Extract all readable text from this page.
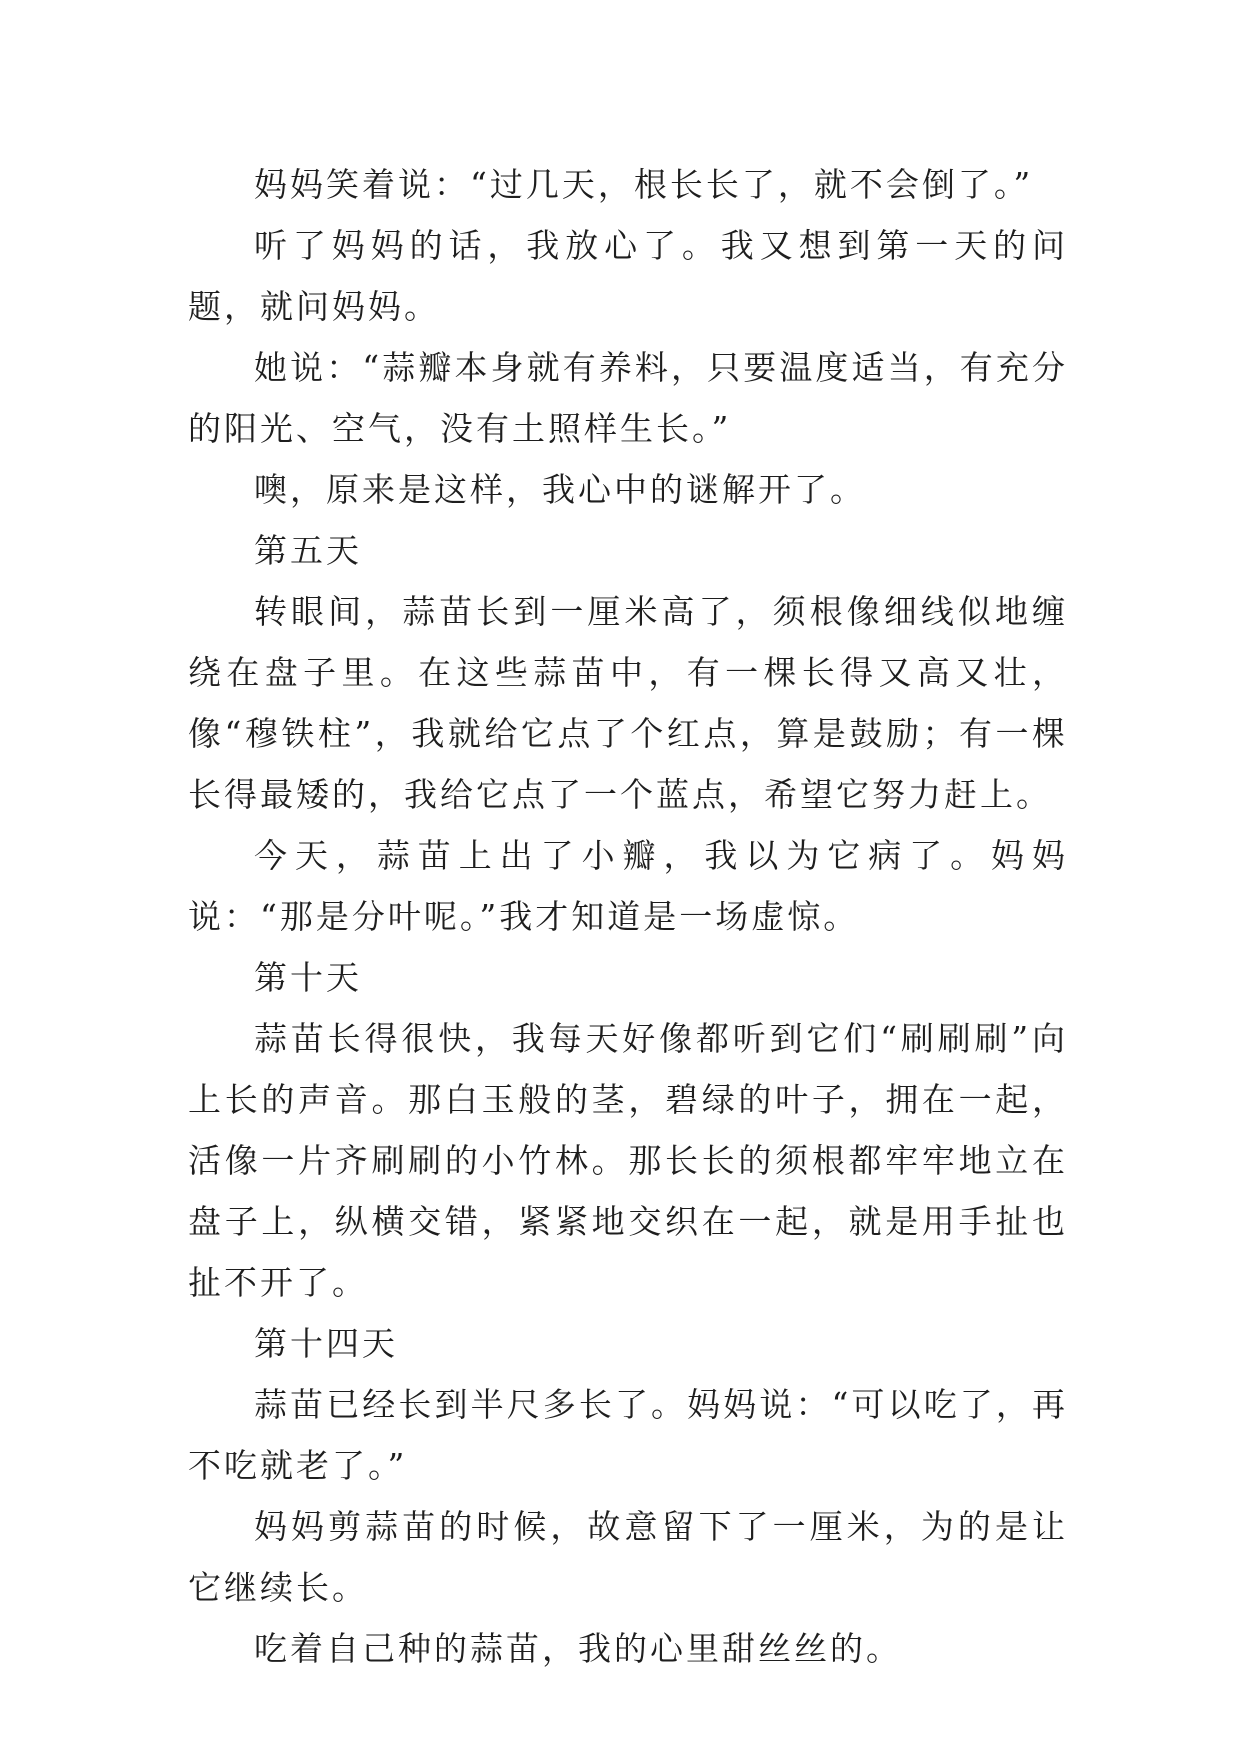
妈妈笑着说：“过几天，根长长了，就不会倒了。”

听了妈妈的话，我放心了。我又想到第一天的问题，就问妈妈。

她说：“蒜瓣本身就有养料，只要温度适当，有充分的阳光、空气，没有土照样生长。”

噢，原来是这样，我心中的谜解开了。

第五天

转眼间，蒜苗长到一厘米高了，须根像细线似地缠绕在盘子里。在这些蒜苗中，有一棵长得又高又壮，像“穆铁柱”，我就给它点了个红点，算是鼓励；有一棵长得最矮的，我给它点了一个蓝点，希望它努力赶上。

今天，蒜苗上出了小瓣，我以为它病了。妈妈说：“那是分叶呢。”我才知道是一场虚惊。

第十天

蒜苗长得很快，我每天好像都听到它们“刷刷刷”向上长的声音。那白玉般的茎，碧绿的叶子，拥在一起，活像一片齐刷刷的小竹林。那长长的须根都牢牢地立在盘子上，纵横交错，紧紧地交织在一起，就是用手扯也扯不开了。

第十四天

蒜苗已经长到半尺多长了。妈妈说：“可以吃了，再不吃就老了。”

妈妈剪蒜苗的时候，故意留下了一厘米，为的是让它继续长。

吃着自己种的蒜苗，我的心里甜丝丝的。
